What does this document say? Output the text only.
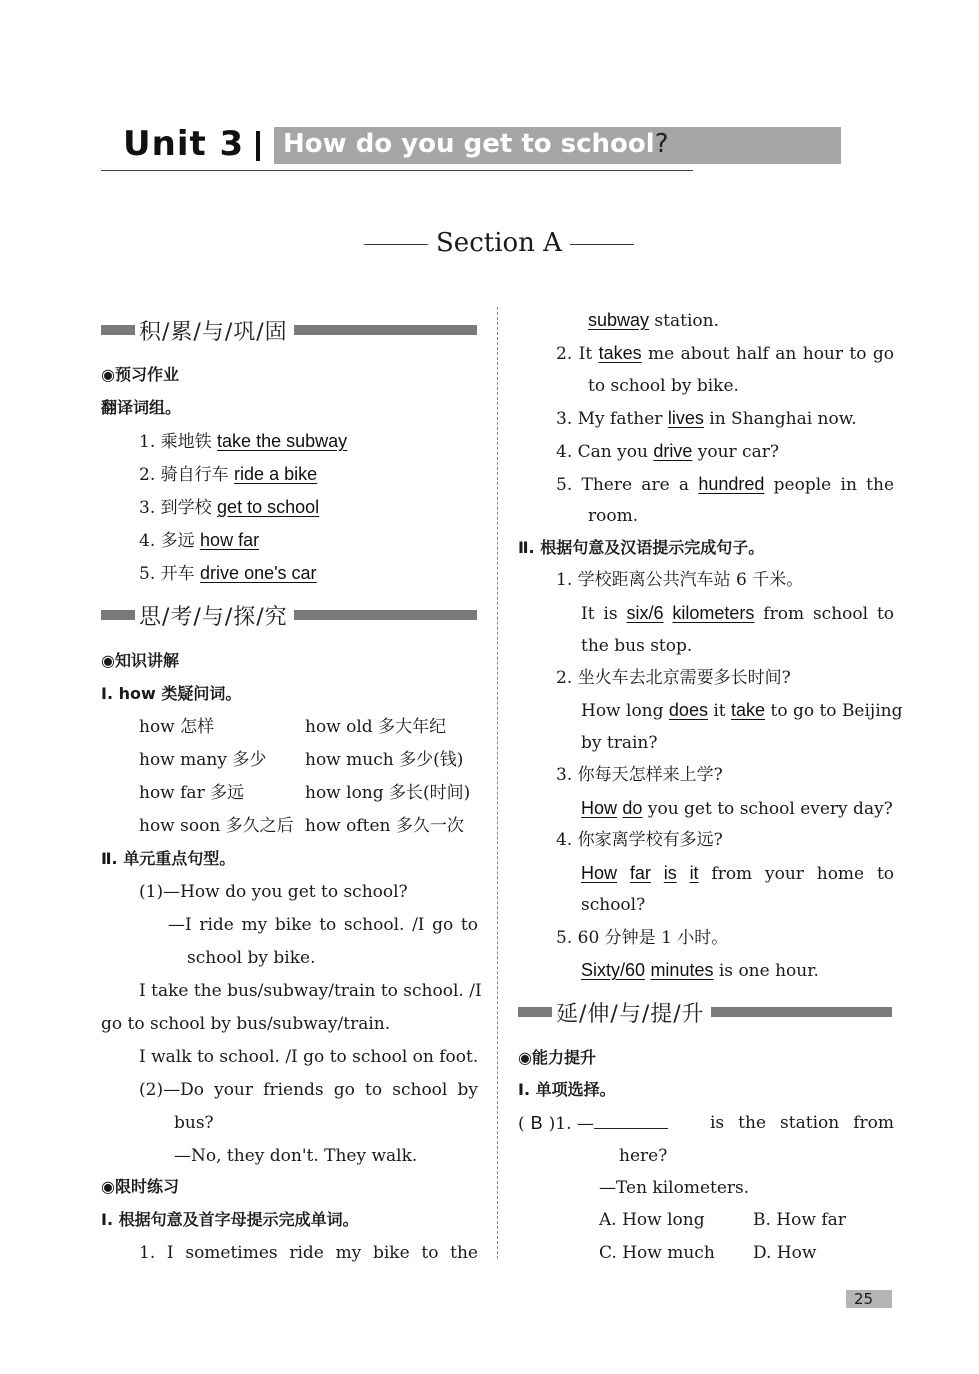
Unit 3 How do you get to school?
Section A
积/累/与/巩/固
◉预习作业
翻译词组。
1. 乘地铁 take the subway
2. 骑自行车 ride a bike
3. 到学校 get to school
4. 多远 how far
5. 开车 drive one's car
思/考/与/探/究
◉知识讲解
Ⅰ. how 类疑问词。
how 怎样	how old 多大年纪
how many 多少 how much 多少(钱)
how far 多远	how long 多长(时间)
how soon 多久之后 how often 多久一次
Ⅱ. 单元重点句型。
(1)—How do you get to school?
—I ride my bike to school. /I go to
school by bike.
I take the bus/subway/train to school. /I
go to school by bus/subway/train.
I walk to school. /I go to school on foot.
(2)—Do your friends go to school by
bus?
—No, they don't. They walk.
◉限时练习
Ⅰ. 根据句意及首字母提示完成单词。
1. I sometimes ride my bike to the
subway station.
2. It takes me about half an hour to go
to school by bike.
3. My father lives in Shanghai now.
4. Can you drive your car?
5. There are a hundred people in the
room.
Ⅱ. 根据句意及汉语提示完成句子。
1. 学校距离公共汽车站 6 千米。
It is six/6 kilometers from school to
the bus stop.
2. 坐火车去北京需要多长时间?
How long does it take to go to Beijing
by train?
3. 你每天怎样来上学?
How do you get to school every day?
4. 你家离学校有多远?
How far is it from your home to
school?
5. 60 分钟是 1 小时。
Sixty/60 minutes is one hour.
延/伸/与/提/升
◉能力提升
Ⅰ. 单项选择。
( B )1. —	is the station from
here?
—Ten kilometers.
A. How long	B. How far
C. How much D. How
25
